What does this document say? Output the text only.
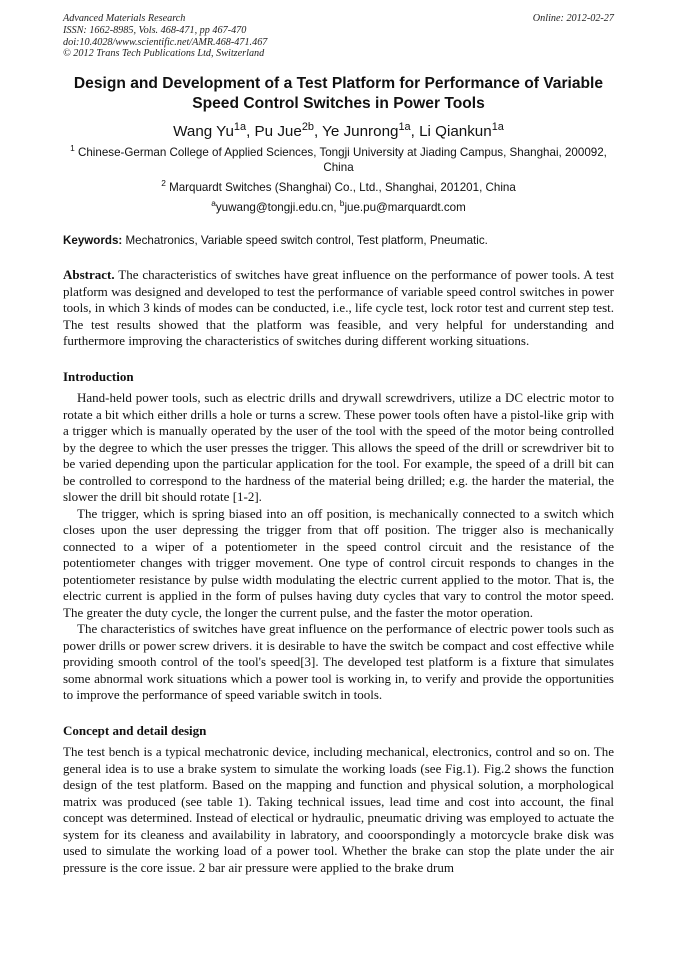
Advanced Materials Research
ISSN: 1662-8985, Vols. 468-471, pp 467-470
doi:10.4028/www.scientific.net/AMR.468-471.467
© 2012 Trans Tech Publications Ltd, Switzerland
Online: 2012-02-27
Design and Development of a Test Platform for Performance of Variable Speed Control Switches in Power Tools
Wang $Yu^{1a}$, Pu Jue$^{2b}$, Ye Junrong$^{1a}$, Li Qiankun$^{1a}$
$^1$ Chinese-German College of Applied Sciences, Tongji University at Jiading Campus, Shanghai, 200092, China
$^2$ Marquardt Switches (Shanghai) Co., Ltd., Shanghai, 201201, China
$^a$yuwang@tongji.edu.cn, $^b$jue.pu@marquardt.com
Keywords: Mechatronics, Variable speed switch control, Test platform, Pneumatic.

Abstract. The characteristics of switches have great influence on the performance of power tools. A test platform was designed and developed to test the performance of variable speed control switches in power tools, in which 3 kinds of modes can be conducted, i.e., life cycle test, lock rotor test and current step test. The test results showed that the platform was feasible, and very helpful for understanding and furthermore improving the characteristics of switches during different working situations.

Introduction

Hand-held power tools, such as electric drills and drywall screwdrivers, utilize a DC electric motor to rotate a bit which either drills a hole or turns a screw. These power tools often have a pistol-like grip with a trigger which is manually operated by the user of the tool with the speed of the motor being controlled by the degree to which the user presses the trigger. This allows the speed of the drill or screwdriver bit to be varied depending upon the particular application for the tool. For example, the speed of a drill bit can be controlled to correspond to the hardness of the material being drilled; e.g. the harder the material, the slower the drill bit should rotate [1-2].

The trigger, which is spring biased into an off position, is mechanically connected to a switch which closes upon the user depressing the trigger from that off position. The trigger also is mechanically connected to a wiper of a potentiometer in the speed control circuit and the resistance of the potentiometer changes with trigger movement. One type of control circuit responds to changes in the potentiometer resistance by pulse width modulating the electric current applied to the motor. That is, the electric current is applied in the form of pulses having duty cycles that vary to control the motor speed. The greater the duty cycle, the longer the current pulse, and the faster the motor operation.

The characteristics of switches have great influence on the performance of electric power tools such as power drills or power screw drivers. it is desirable to have the switch be compact and cost effective while providing smooth control of the tool's speed[3]. The developed test platform is a fixture that simulates some abnormal work situations which a power tool is working in, to verify and provide the opportunities to improve the performance of speed variable switch in tools.

Concept and detail design

The test bench is a typical mechatronic device, including mechanical, electronics, control and so on. The general idea is to use a brake system to simulate the working loads (see Fig.1). Fig.2 shows the function design of the test platform. Based on the mapping and function and physical solution, a morphological matrix was produced (see table 1). Taking technical issues, lead time and cost into account, the final concept was determined. Instead of electical or hydraulic, pneumatic driving was employed to actuate the system for its cleaness and availability in labratory, and cooorspondingly a motorcycle brake disk was used to simulate the working load of a power tool. Whether the brake can stop the plate under the air pressure is the core issue. 2 bar air pressure were applied to the brake drum
